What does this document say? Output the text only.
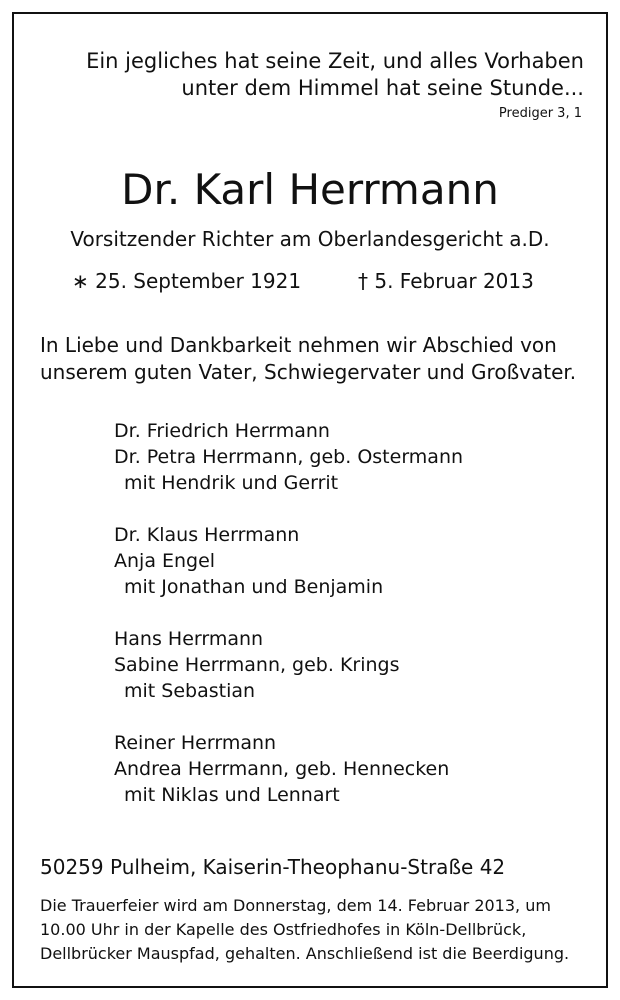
Ein jegliches hat seine Zeit, und alles Vorhaben
unter dem Himmel hat seine Stunde...
Prediger 3, 1
Dr. Karl Herrmann
Vorsitzender Richter am Oberlandesgericht a.D.
∗ 25. September 1921	† 5. Februar 2013
In Liebe und Dankbarkeit nehmen wir Abschied von
unserem guten Vater, Schwiegervater und Großvater.
Dr. Friedrich Herrmann
Dr. Petra Herrmann, geb. Ostermann
mit Hendrik und Gerrit
Dr. Klaus Herrmann
Anja Engel
mit Jonathan und Benjamin
Hans Herrmann
Sabine Herrmann, geb. Krings
mit Sebastian
Reiner Herrmann
Andrea Herrmann, geb. Hennecken
mit Niklas und Lennart
50259 Pulheim, Kaiserin-Theophanu-Straße 42
Die Trauerfeier wird am Donnerstag, dem 14. Februar 2013, um
10.00 Uhr in der Kapelle des Ostfriedhofes in Köln-Dellbrück,
Dellbrücker Mauspfad, gehalten. Anschließend ist die Beerdigung.
